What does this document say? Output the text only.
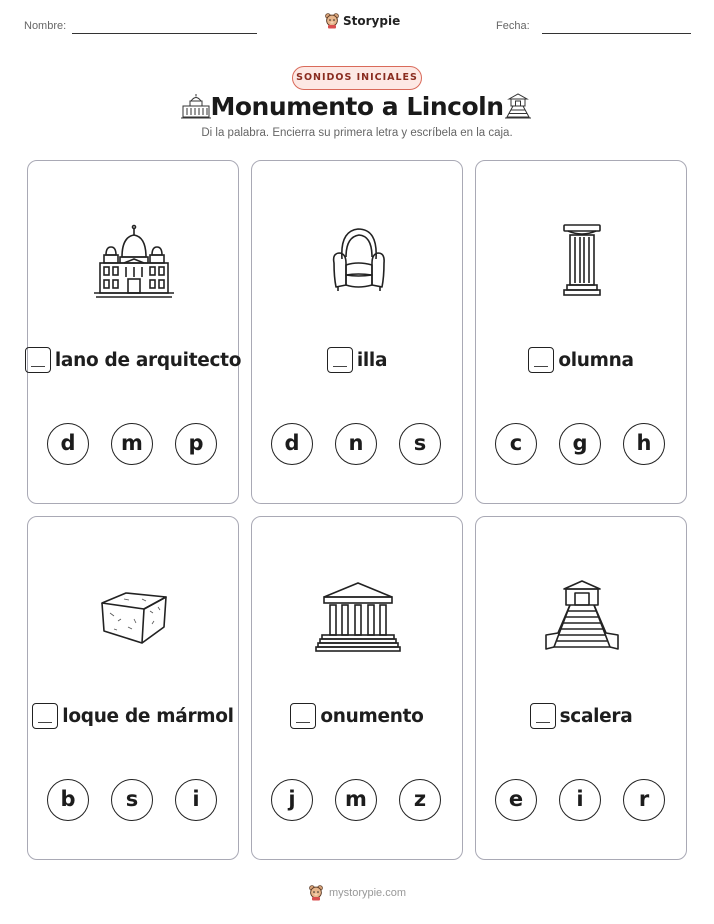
Nombre:	Storypie	Fecha:
SONIDOS INICIALES
Monumento a Lincoln
Di la palabra. Encierra su primera letra y escríbela en la caja.
lano de arquitecto
d	m	p
illa
d	n	s
olumna
c	g	h
loque de mármol
b	s	i
onumento
j	m	z
scalera
e	i	r
mystorypie.com
